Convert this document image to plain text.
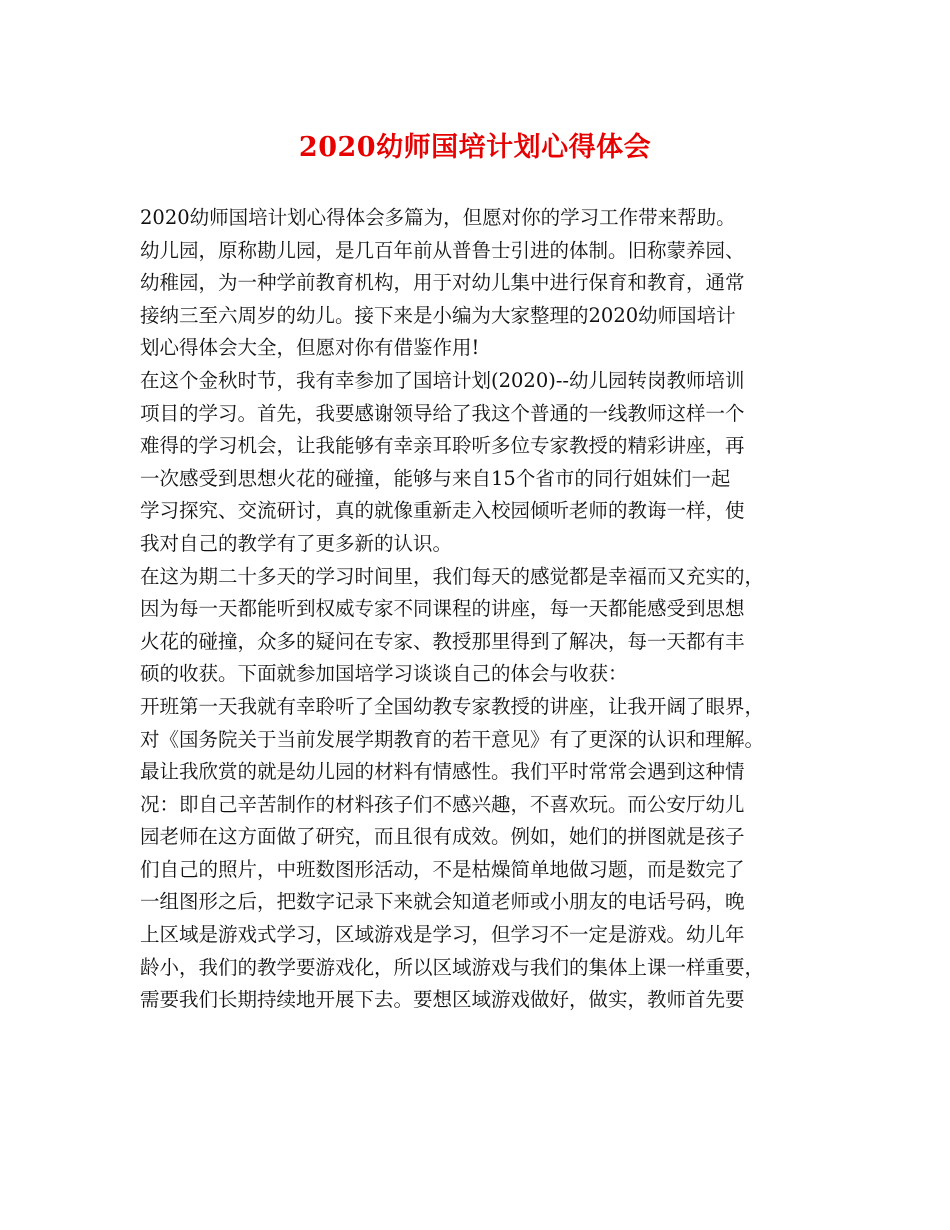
2020幼师国培计划心得体会
2020幼师国培计划心得体会多篇为，但愿对你的学习工作带来帮助。
幼儿园，原称勘儿园，是几百年前从普鲁士引进的体制。旧称蒙养园、
幼稚园，为一种学前教育机构，用于对幼儿集中进行保育和教育，通常
接纳三至六周岁的幼儿。接下来是小编为大家整理的2020幼师国培计
划心得体会大全，但愿对你有借鉴作用!
在这个金秋时节，我有幸参加了国培计划(2020)--幼儿园转岗教师培训
项目的学习。首先，我要感谢领导给了我这个普通的一线教师这样一个
难得的学习机会，让我能够有幸亲耳聆听多位专家教授的精彩讲座，再
一次感受到思想火花的碰撞，能够与来自15个省市的同行姐妹们一起
学习探究、交流研讨，真的就像重新走入校园倾听老师的教诲一样，使
我对自己的教学有了更多新的认识。
在这为期二十多天的学习时间里，我们每天的感觉都是幸福而又充实的，
因为每一天都能听到权威专家不同课程的讲座，每一天都能感受到思想
火花的碰撞，众多的疑问在专家、教授那里得到了解决，每一天都有丰
硕的收获。下面就参加国培学习谈谈自己的体会与收获：
开班第一天我就有幸聆听了全国幼教专家教授的讲座，让我开阔了眼界，
对《国务院关于当前发展学期教育的若干意见》有了更深的认识和理解。
最让我欣赏的就是幼儿园的材料有情感性。我们平时常常会遇到这种情
况：即自己辛苦制作的材料孩子们不感兴趣，不喜欢玩。而公安厅幼儿
园老师在这方面做了研究，而且很有成效。例如，她们的拼图就是孩子
们自己的照片，中班数图形活动，不是枯燥简单地做习题，而是数完了
一组图形之后，把数字记录下来就会知道老师或小朋友的电话号码，晚
上区域是游戏式学习，区域游戏是学习，但学习不一定是游戏。幼儿年
龄小，我们的教学要游戏化，所以区域游戏与我们的集体上课一样重要，
需要我们长期持续地开展下去。要想区域游戏做好，做实，教师首先要
